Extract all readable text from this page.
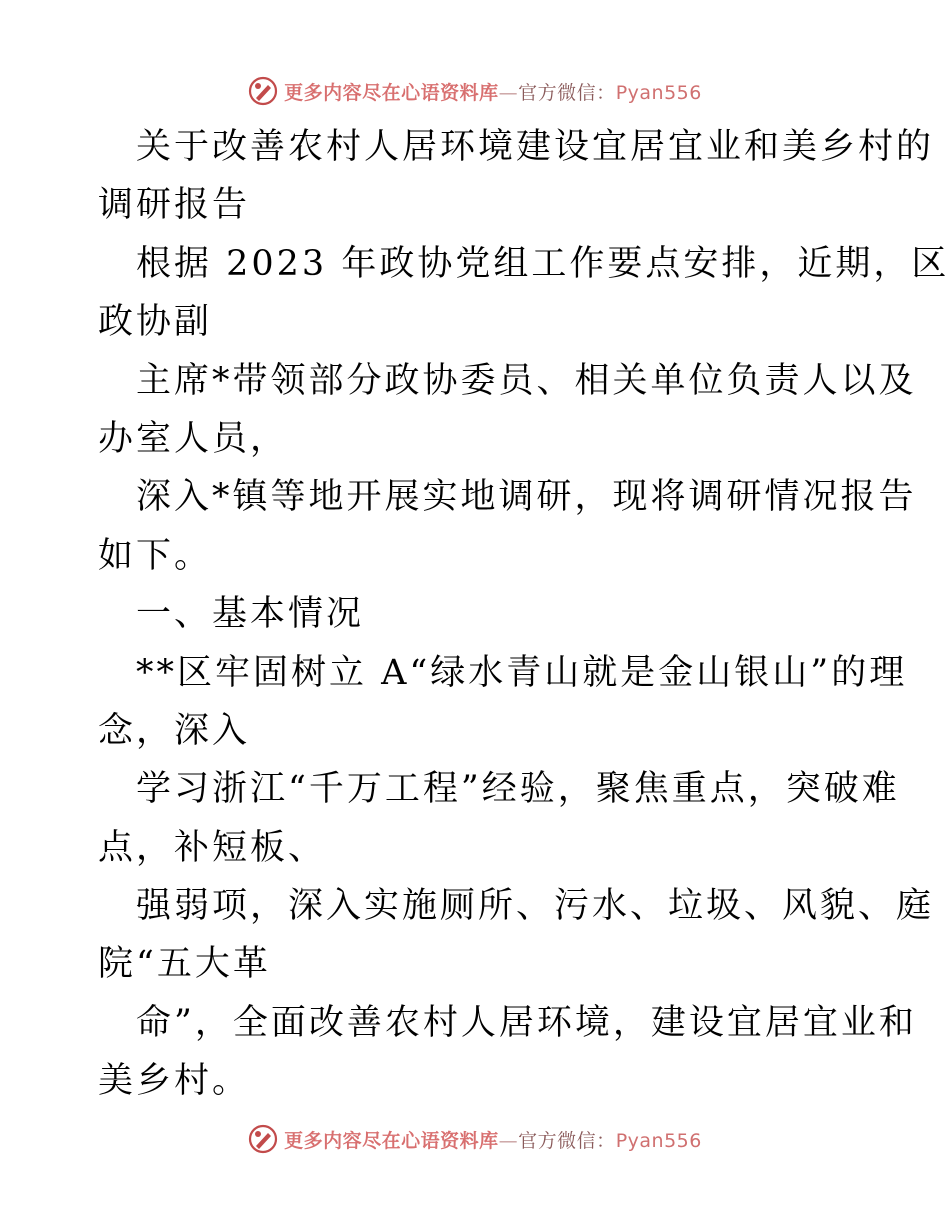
更多内容尽在心语资料库—官方微信：Pyan556
关于改善农村人居环境建设宜居宜业和美乡村的
调研报告
根据 2023 年政协党组工作要点安排，近期，区
政协副
主席*带领部分政协委员、相关单位负责人以及
办室人员，
深入*镇等地开展实地调研，现将调研情况报告
如下。
一、基本情况
**区牢固树立 A“绿水青山就是金山银山”的理
念，深入
学习浙江“千万工程”经验，聚焦重点，突破难
点，补短板、
强弱项，深入实施厕所、污水、垃圾、风貌、庭
院“五大革
命”，全面改善农村人居环境，建设宜居宜业和
美乡村。
更多内容尽在心语资料库—官方微信：Pyan556
